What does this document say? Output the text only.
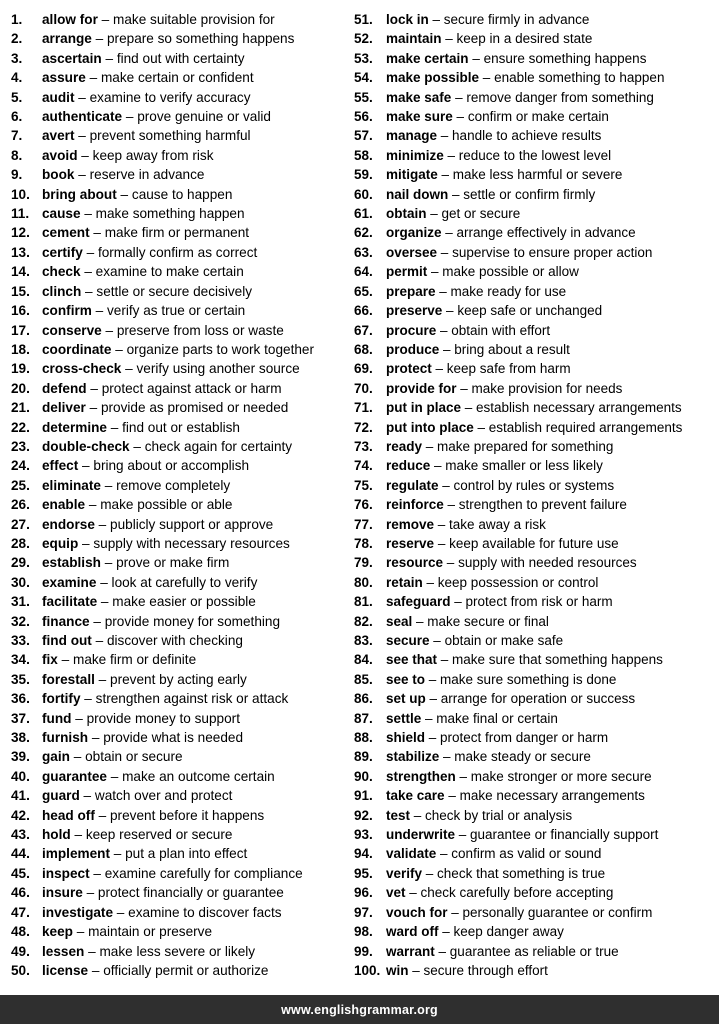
1. allow for – make suitable provision for
2. arrange – prepare so something happens
3. ascertain – find out with certainty
4. assure – make certain or confident
5. audit – examine to verify accuracy
6. authenticate – prove genuine or valid
7. avert – prevent something harmful
8. avoid – keep away from risk
9. book – reserve in advance
10. bring about – cause to happen
11. cause – make something happen
12. cement – make firm or permanent
13. certify – formally confirm as correct
14. check – examine to make certain
15. clinch – settle or secure decisively
16. confirm – verify as true or certain
17. conserve – preserve from loss or waste
18. coordinate – organize parts to work together
19. cross-check – verify using another source
20. defend – protect against attack or harm
21. deliver – provide as promised or needed
22. determine – find out or establish
23. double-check – check again for certainty
24. effect – bring about or accomplish
25. eliminate – remove completely
26. enable – make possible or able
27. endorse – publicly support or approve
28. equip – supply with necessary resources
29. establish – prove or make firm
30. examine – look at carefully to verify
31. facilitate – make easier or possible
32. finance – provide money for something
33. find out – discover with checking
34. fix – make firm or definite
35. forestall – prevent by acting early
36. fortify – strengthen against risk or attack
37. fund – provide money to support
38. furnish – provide what is needed
39. gain – obtain or secure
40. guarantee – make an outcome certain
41. guard – watch over and protect
42. head off – prevent before it happens
43. hold – keep reserved or secure
44. implement – put a plan into effect
45. inspect – examine carefully for compliance
46. insure – protect financially or guarantee
47. investigate – examine to discover facts
48. keep – maintain or preserve
49. lessen – make less severe or likely
50. license – officially permit or authorize
51. lock in – secure firmly in advance
52. maintain – keep in a desired state
53. make certain – ensure something happens
54. make possible – enable something to happen
55. make safe – remove danger from something
56. make sure – confirm or make certain
57. manage – handle to achieve results
58. minimize – reduce to the lowest level
59. mitigate – make less harmful or severe
60. nail down – settle or confirm firmly
61. obtain – get or secure
62. organize – arrange effectively in advance
63. oversee – supervise to ensure proper action
64. permit – make possible or allow
65. prepare – make ready for use
66. preserve – keep safe or unchanged
67. procure – obtain with effort
68. produce – bring about a result
69. protect – keep safe from harm
70. provide for – make provision for needs
71. put in place – establish necessary arrangements
72. put into place – establish required arrangements
73. ready – make prepared for something
74. reduce – make smaller or less likely
75. regulate – control by rules or systems
76. reinforce – strengthen to prevent failure
77. remove – take away a risk
78. reserve – keep available for future use
79. resource – supply with needed resources
80. retain – keep possession or control
81. safeguard – protect from risk or harm
82. seal – make secure or final
83. secure – obtain or make safe
84. see that – make sure that something happens
85. see to – make sure something is done
86. set up – arrange for operation or success
87. settle – make final or certain
88. shield – protect from danger or harm
89. stabilize – make steady or secure
90. strengthen – make stronger or more secure
91. take care – make necessary arrangements
92. test – check by trial or analysis
93. underwrite – guarantee or financially support
94. validate – confirm as valid or sound
95. verify – check that something is true
96. vet – check carefully before accepting
97. vouch for – personally guarantee or confirm
98. ward off – keep danger away
99. warrant – guarantee as reliable or true
100. win – secure through effort
www.englishgrammar.org
